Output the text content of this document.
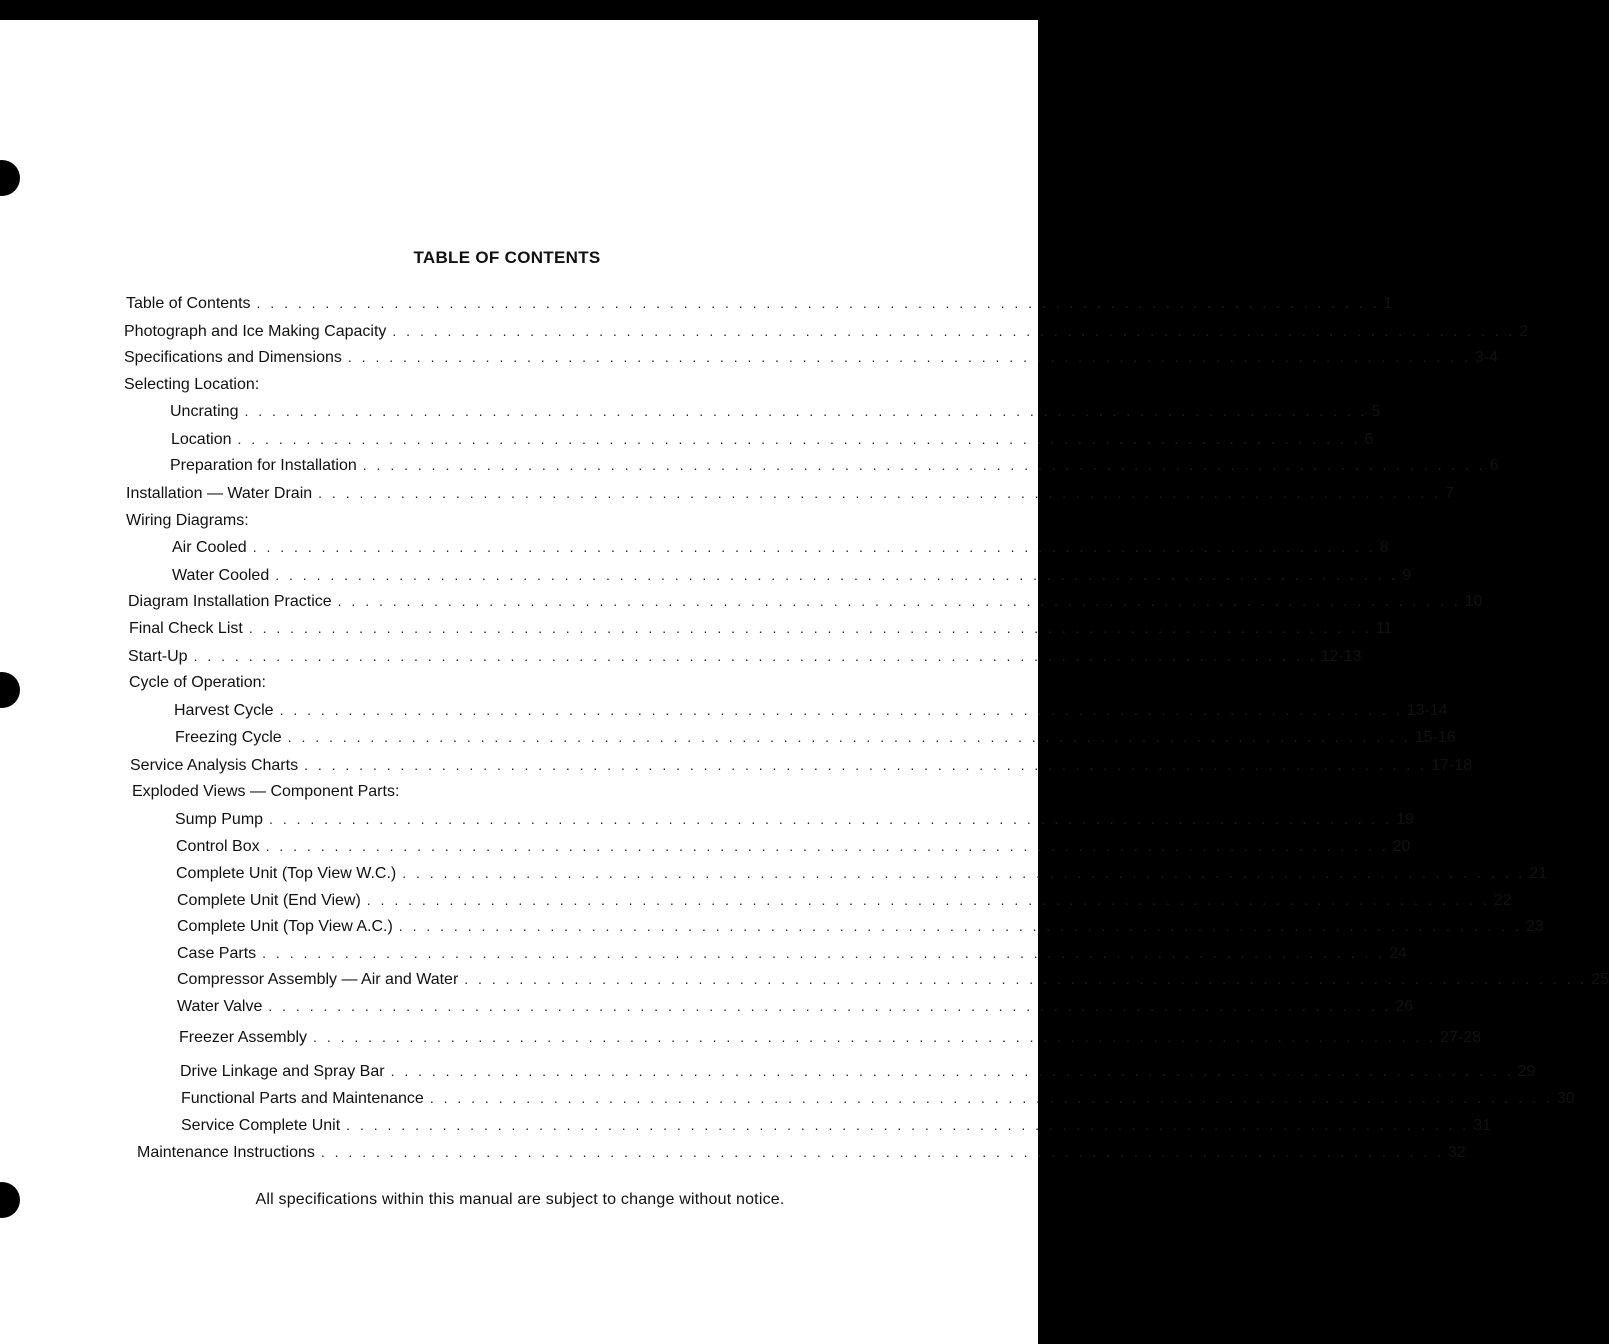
TABLE OF CONTENTS
Table of Contents . . . . . . . . . . . . . . . . . . . . . . . . . . . . . . . . . . . . . . . . . . . . . . . . . . . . . . . . . . . . . . . . . . . . . . . . . . . . . . . . . . 1
Photograph and Ice Making Capacity . . . . . . . . . . . . . . . . . . . . . . . . . . . . . . . . . . . . . . . . . . . . . . . . . . . . . . . . . . . . . . . . . . . . . . . . . . . . . . . . . . 2
Specifications and Dimensions . . . . . . . . . . . . . . . . . . . . . . . . . . . . . . . . . . . . . . . . . . . . . . . . . . . . . . . . . . . . . . . . . . . . . . . . . . . . . . . . . . 3-4
Selecting Location:
Uncrating . . . . . . . . . . . . . . . . . . . . . . . . . . . . . . . . . . . . . . . . . . . . . . . . . . . . . . . . . . . . . . . . . . . . . . . . . . . . . . . . . . 5
Location . . . . . . . . . . . . . . . . . . . . . . . . . . . . . . . . . . . . . . . . . . . . . . . . . . . . . . . . . . . . . . . . . . . . . . . . . . . . . . . . . . 6
Preparation for Installation . . . . . . . . . . . . . . . . . . . . . . . . . . . . . . . . . . . . . . . . . . . . . . . . . . . . . . . . . . . . . . . . . . . . . . . . . . . . . . . . . . 6
Installation — Water Drain . . . . . . . . . . . . . . . . . . . . . . . . . . . . . . . . . . . . . . . . . . . . . . . . . . . . . . . . . . . . . . . . . . . . . . . . . . . . . . . . . . 7
Wiring Diagrams:
Air Cooled . . . . . . . . . . . . . . . . . . . . . . . . . . . . . . . . . . . . . . . . . . . . . . . . . . . . . . . . . . . . . . . . . . . . . . . . . . . . . . . . . . 8
Water Cooled . . . . . . . . . . . . . . . . . . . . . . . . . . . . . . . . . . . . . . . . . . . . . . . . . . . . . . . . . . . . . . . . . . . . . . . . . . . . . . . . . . 9
Diagram Installation Practice . . . . . . . . . . . . . . . . . . . . . . . . . . . . . . . . . . . . . . . . . . . . . . . . . . . . . . . . . . . . . . . . . . . . . . . . . . . . . . . . . . 10
Final Check List . . . . . . . . . . . . . . . . . . . . . . . . . . . . . . . . . . . . . . . . . . . . . . . . . . . . . . . . . . . . . . . . . . . . . . . . . . . . . . . . . . 11
Start-Up . . . . . . . . . . . . . . . . . . . . . . . . . . . . . . . . . . . . . . . . . . . . . . . . . . . . . . . . . . . . . . . . . . . . . . . . . . . . . . . . . . 12-13
Cycle of Operation:
Harvest Cycle . . . . . . . . . . . . . . . . . . . . . . . . . . . . . . . . . . . . . . . . . . . . . . . . . . . . . . . . . . . . . . . . . . . . . . . . . . . . . . . . . . 13-14
Freezing Cycle . . . . . . . . . . . . . . . . . . . . . . . . . . . . . . . . . . . . . . . . . . . . . . . . . . . . . . . . . . . . . . . . . . . . . . . . . . . . . . . . . . 15-16
Service Analysis Charts . . . . . . . . . . . . . . . . . . . . . . . . . . . . . . . . . . . . . . . . . . . . . . . . . . . . . . . . . . . . . . . . . . . . . . . . . . . . . . . . . . 17-18
Exploded Views — Component Parts:
Sump Pump . . . . . . . . . . . . . . . . . . . . . . . . . . . . . . . . . . . . . . . . . . . . . . . . . . . . . . . . . . . . . . . . . . . . . . . . . . . . . . . . . . 19
Control Box . . . . . . . . . . . . . . . . . . . . . . . . . . . . . . . . . . . . . . . . . . . . . . . . . . . . . . . . . . . . . . . . . . . . . . . . . . . . . . . . . . 20
Complete Unit (Top View W.C.) . . . . . . . . . . . . . . . . . . . . . . . . . . . . . . . . . . . . . . . . . . . . . . . . . . . . . . . . . . . . . . . . . . . . . . . . . . . . . . . . . . 21
Complete Unit (End View) . . . . . . . . . . . . . . . . . . . . . . . . . . . . . . . . . . . . . . . . . . . . . . . . . . . . . . . . . . . . . . . . . . . . . . . . . . . . . . . . . . 22
Complete Unit (Top View A.C.) . . . . . . . . . . . . . . . . . . . . . . . . . . . . . . . . . . . . . . . . . . . . . . . . . . . . . . . . . . . . . . . . . . . . . . . . . . . . . . . . . . 23
Case Parts . . . . . . . . . . . . . . . . . . . . . . . . . . . . . . . . . . . . . . . . . . . . . . . . . . . . . . . . . . . . . . . . . . . . . . . . . . . . . . . . . . 24
Compressor Assembly — Air and Water . . . . . . . . . . . . . . . . . . . . . . . . . . . . . . . . . . . . . . . . . . . . . . . . . . . . . . . . . . . . . . . . . . . . . . . . . . . . . . . . . . 25
Water Valve . . . . . . . . . . . . . . . . . . . . . . . . . . . . . . . . . . . . . . . . . . . . . . . . . . . . . . . . . . . . . . . . . . . . . . . . . . . . . . . . . . 26
Freezer Assembly . . . . . . . . . . . . . . . . . . . . . . . . . . . . . . . . . . . . . . . . . . . . . . . . . . . . . . . . . . . . . . . . . . . . . . . . . . . . . . . . . . 27-28
Drive Linkage and Spray Bar . . . . . . . . . . . . . . . . . . . . . . . . . . . . . . . . . . . . . . . . . . . . . . . . . . . . . . . . . . . . . . . . . . . . . . . . . . . . . . . . . . 29
Functional Parts and Maintenance . . . . . . . . . . . . . . . . . . . . . . . . . . . . . . . . . . . . . . . . . . . . . . . . . . . . . . . . . . . . . . . . . . . . . . . . . . . . . . . . . . 30
Service Complete Unit . . . . . . . . . . . . . . . . . . . . . . . . . . . . . . . . . . . . . . . . . . . . . . . . . . . . . . . . . . . . . . . . . . . . . . . . . . . . . . . . . . 31
Maintenance Instructions . . . . . . . . . . . . . . . . . . . . . . . . . . . . . . . . . . . . . . . . . . . . . . . . . . . . . . . . . . . . . . . . . . . . . . . . . . . . . . . . . . 32
All specifications within this manual are subject to change without notice.
